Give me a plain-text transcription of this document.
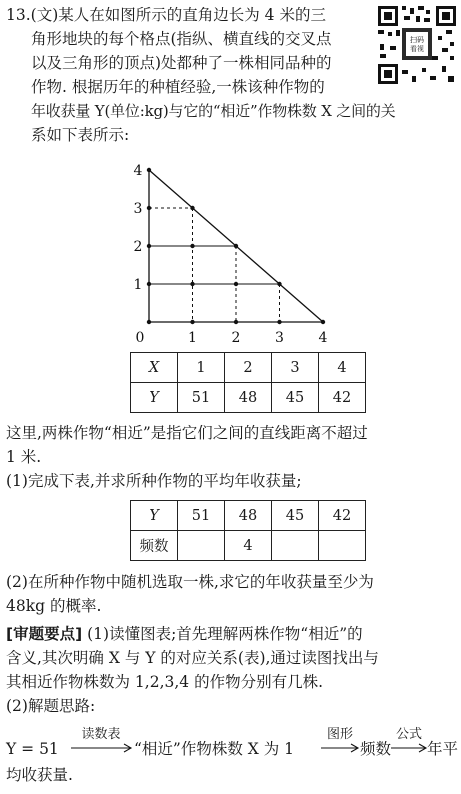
13.(文)某人在如图所示的直角边长为 4 米的三
角形地块的每个格点(指纵、横直线的交叉点
以及三角形的顶点)处都种了一株相同品种的
作物. 根据历年的种植经验,一株该种作物的
年收获量 Y(单位:kg)与它的“相近”作物株数 X 之间的关
系如下表所示:
扫码
看视
4
3
2
1
0	1 2 3 4
X	1	2	3	4
Y	51	48	45	42
这里,两株作物“相近”是指它们之间的直线距离不超过
1 米.
(1)完成下表,并求所种作物的平均年收获量;
Y	51	48	45	42
频数		4		
(2)在所种作物中随机选取一株,求它的年收获量至少为
48kg 的概率.
[审题要点] (1)读懂图表;首先理解两株作物“相近”的
含义,其次明确 X 与 Y 的对应关系(表),通过读图找出与
其相近作物株数为 1,2,3,4 的作物分别有几株.
(2)解题思路:
Y = 51
读数表
“相近”作物株数 X 为 1
图形
频数
公式
年平
均收获量.
